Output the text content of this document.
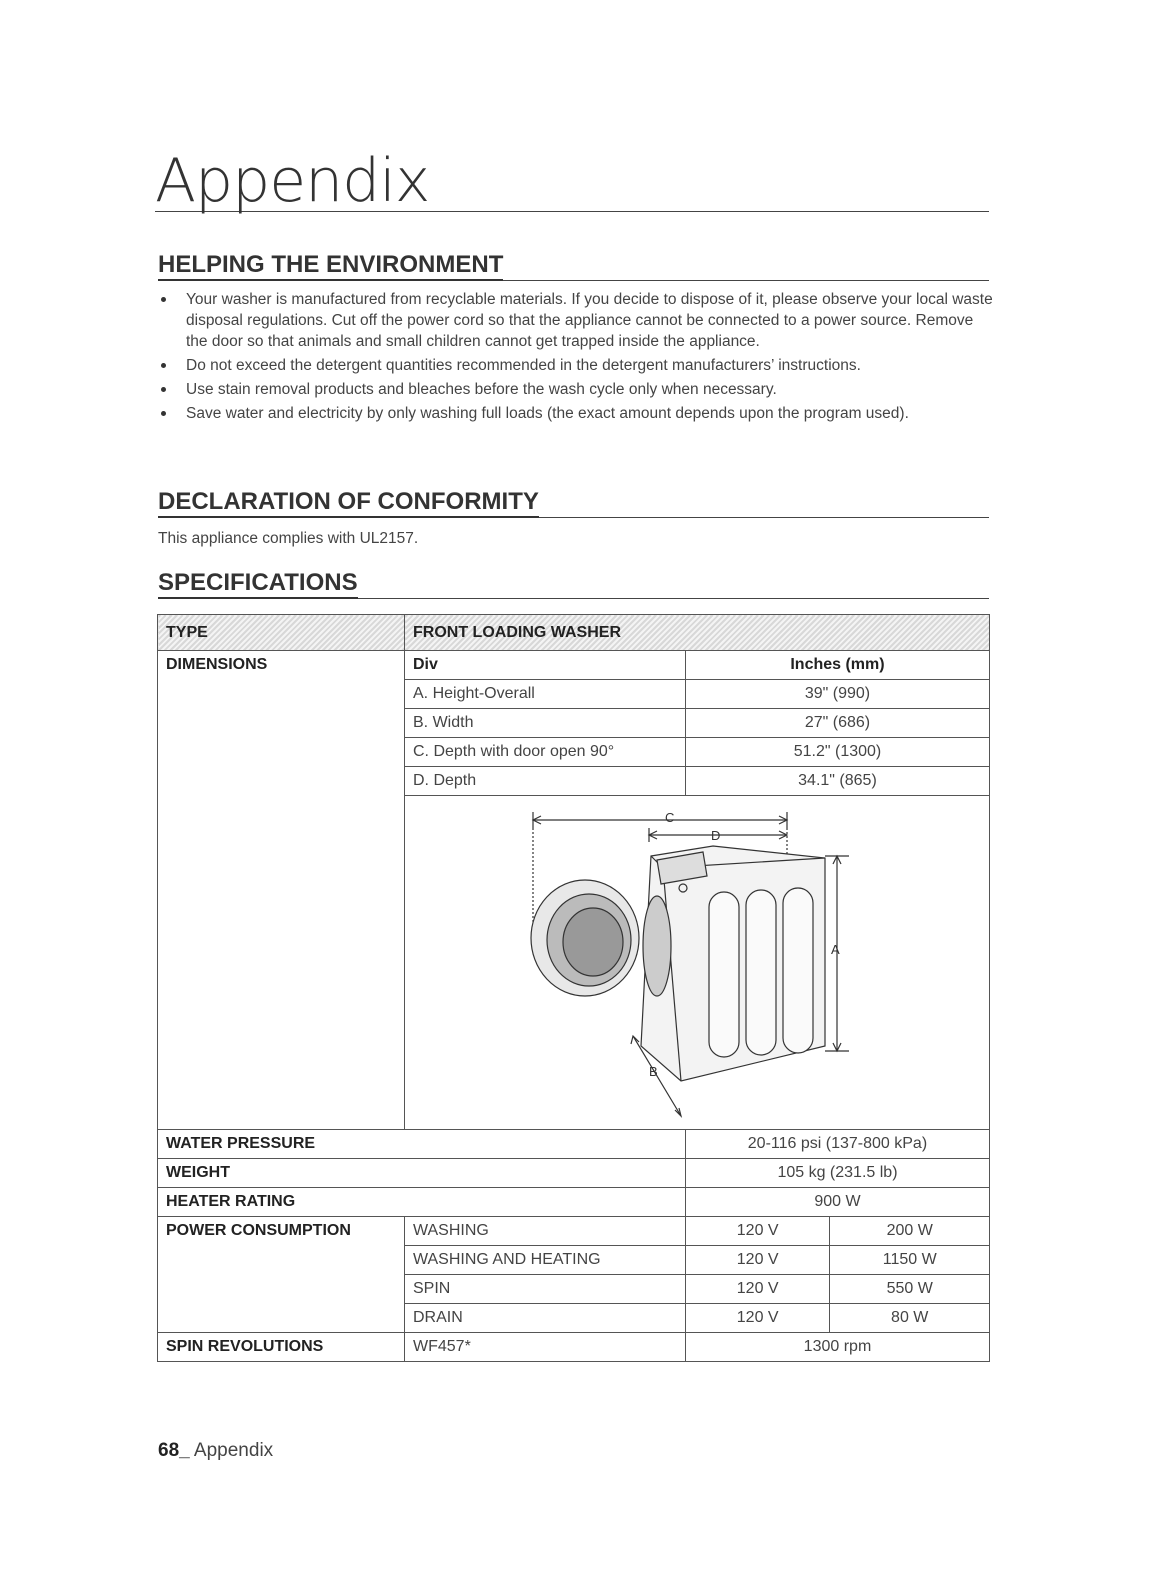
Appendix
HELPING THE ENVIRONMENT
Your washer is manufactured from recyclable materials. If you decide to dispose of it, please observe your local waste disposal regulations. Cut off the power cord so that the appliance cannot be connected to a power source. Remove the door so that animals and small children cannot get trapped inside the appliance.
Do not exceed the detergent quantities recommended in the detergent manufacturers’ instructions.
Use stain removal products and bleaches before the wash cycle only when necessary.
Save water and electricity by only washing full loads (the exact amount depends upon the program used).
DECLARATION OF CONFORMITY
This appliance complies with UL2157.
SPECIFICATIONS
TYPE	FRONT LOADING WASHER		
DIMENSIONS	Div	Inches (mm)	
	A. Height-Overall	39" (990)	
	B. Width	27" (686)	
	C. Depth with door open 90°	51.2" (1300)	
	D. Depth	34.1" (865)	

C
D
A
B		

WATER PRESSURE		20-116 psi (137-800 kPa)	
WEIGHT		105 kg (231.5 lb)	
HEATER RATING		900 W	
POWER CONSUMPTION	WASHING	120 V	200 W
	WASHING AND HEATING	120 V	1150 W
	SPIN	120 V	550 W
	DRAIN	120 V	80 W
SPIN REVOLUTIONS	WF457*	1300 rpm	
68_ Appendix
